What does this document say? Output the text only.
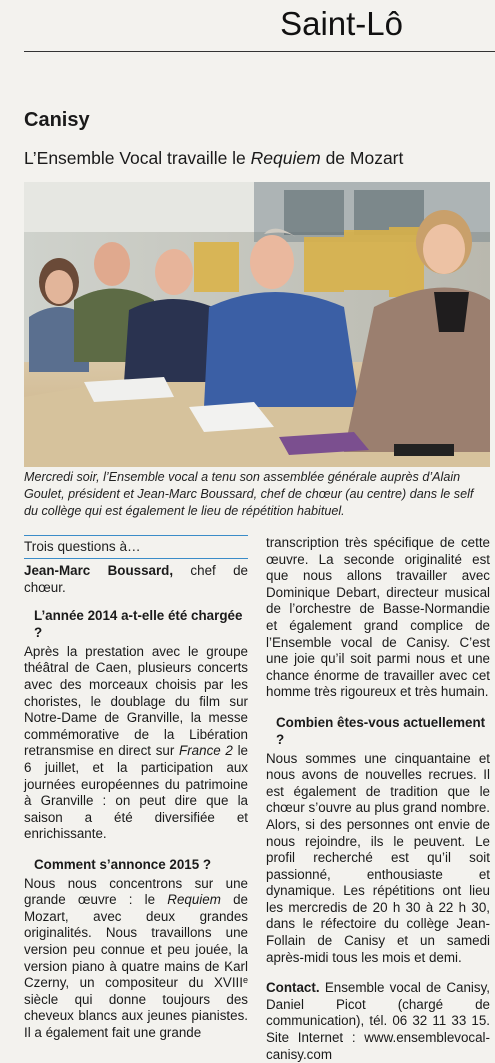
Saint-Lô
Canisy
L’Ensemble Vocal travaille le Requiem de Mozart
Mercredi soir, l’Ensemble vocal a tenu son assemblée générale auprès d’Alain Goulet, président et Jean-Marc Boussard, chef de chœur (au centre) dans le self du collège qui est également le lieu de répétition habituel.
Trois questions à…

Jean-Marc Boussard, chef de chœur.

L’année 2014 a-t-elle été chargée ?

Après la prestation avec le groupe théâtral de Caen, plusieurs concerts avec des morceaux choisis par les choristes, le doublage du film sur Notre-Dame de Granville, la messe commémorative de la Libération retransmise en direct sur France 2 le 6 juillet, et la participation aux journées européennes du patrimoine à Granville : on peut dire que la saison a été diversifiée et enrichissante.

Comment s’annonce 2015 ?

Nous nous concentrons sur une grande œuvre : le Requiem de Mozart, avec deux grandes originalités. Nous travaillons une version peu connue et peu jouée, la version piano à quatre mains de Karl Czerny, un compositeur du XVIIIe siècle qui donne toujours des cheveux blancs aux jeunes pianistes. Il a également fait une grande

transcription très spécifique de cette œuvre. La seconde originalité est que nous allons travailler avec Dominique Debart, directeur musical de l’orchestre de Basse-Normandie et également grand complice de l’Ensemble vocal de Canisy. C’est une joie qu’il soit parmi nous et une chance énorme de travailler avec cet homme très rigoureux et très humain.

Combien êtes-vous actuellement ?

Nous sommes une cinquantaine et nous avons de nouvelles recrues. Il est également de tradition que le chœur s’ouvre au plus grand nombre. Alors, si des personnes ont envie de nous rejoindre, ils le peuvent. Le profil recherché est qu’il soit passionné, enthousiaste et dynamique. Les répétitions ont lieu les mercredis de 20 h 30 à 22 h 30, dans le réfectoire du collège Jean-Follain de Canisy et un samedi après-midi tous les mois et demi.

Contact. Ensemble vocal de Canisy, Daniel Picot (chargé de communication), tél. 06 32 11 33 15. Site Internet : www.ensemblevocal-canisy.com
